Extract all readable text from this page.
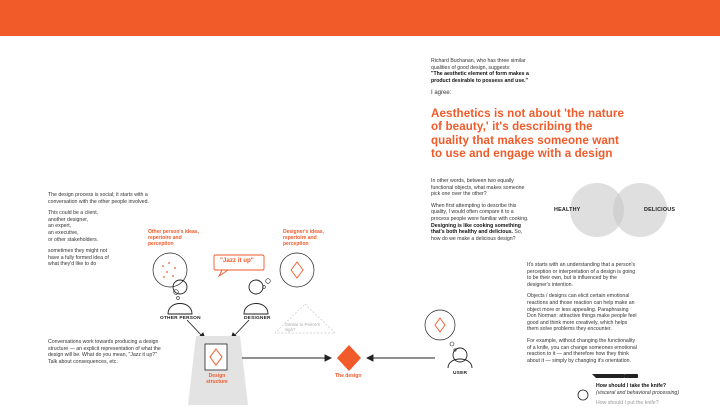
The design process is social; it starts with a conversation with the other people involved.

This could be a client,
another designer,
an expert,
an executive,
or other stakeholders.

sometimes they might not have a fully formed idea of what they'd like to do

Other person's ideas, repertoire and perception
Designer's ideas, repertoire and perception
"Jazz it up"
OTHER PERSON	DESIGNER
Similar to Peirce's sign?
Conversations work towards producing a design structure — an explicit representation of what the design will be. What do you mean, "Jazz it up?" Talk about consequences, etc.
Design structure
The design	USER
Richard Buchanan, who has three similar qualities of good design, suggests:
"The aesthetic element of form makes a product desirable to possess and use."
I agree:
Aesthetics is not about 'the nature of beauty,' it's describing the quality that makes someone want to use and engage with a design

In other words, between two equally functional objects, what makes someone pick one over the other?

When first attempting to describe this quality, I would often compare it to a process people were familiar with cooking. Designing is like cooking something that's both healthy and delicious. So, how do we make a delicious design?

HEALTHY	DELICIOUS

It's starts with an understanding that a person's perception or interpretation of a design is going to be their own, but is influenced by the designer's intention.

Objects / designs can elicit certain emotional reactions and those reaction can help make an object more or less appealing. Paraphrasing Don Norman: attractive things make people feel good and think more creatively, which helps them solve problems they encounter.

For example, without changing the functionality of a knife, you can change someones emotional reaction to it — and therefore how they think about it — simply by changing it's orientation.

How should I take the knife?
(visceral and behavioral processing)
How should I put the knife?
